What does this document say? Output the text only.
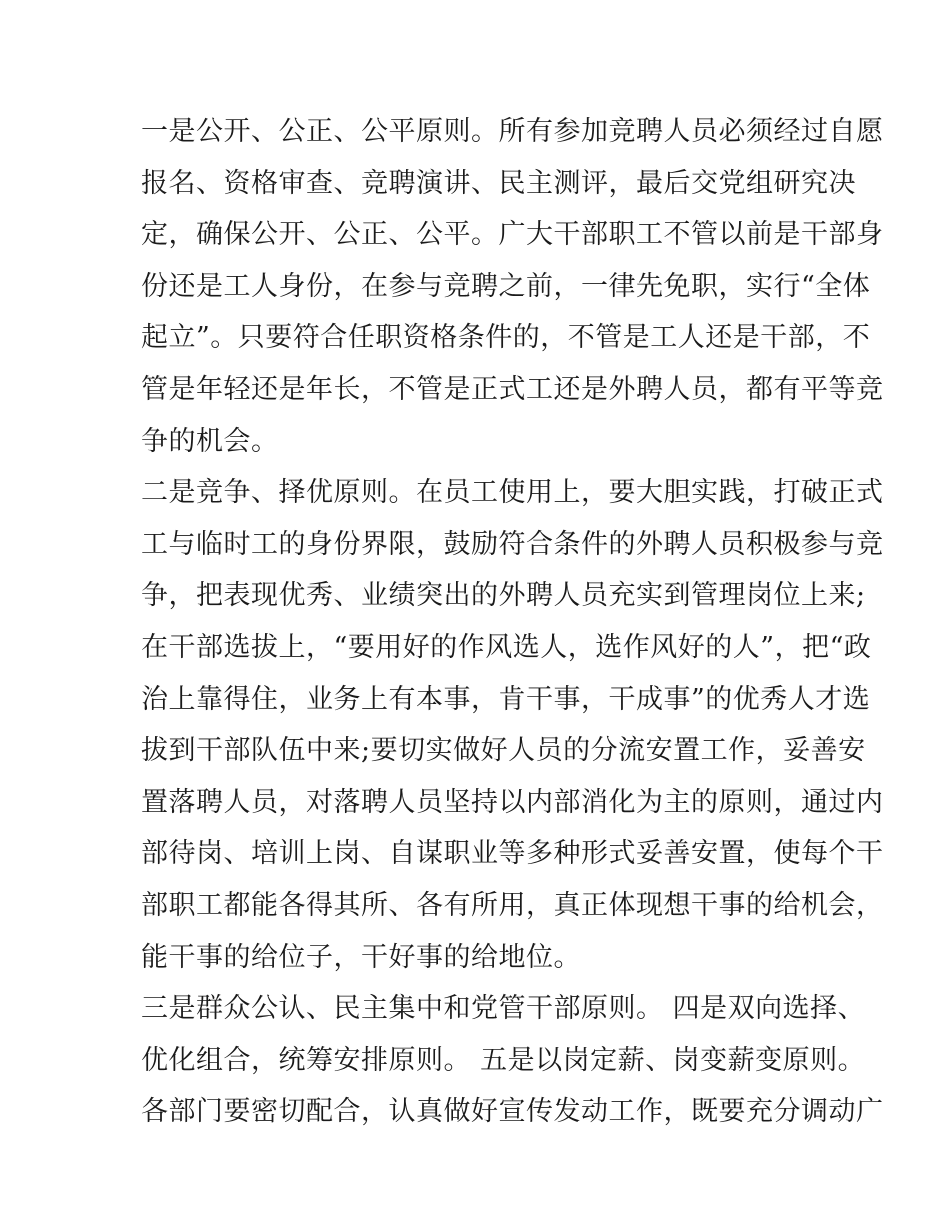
一是公开、公正、公平原则。所有参加竞聘人员必须经过自愿
报名、资格审查、竞聘演讲、民主测评，最后交党组研究决
定，确保公开、公正、公平。广大干部职工不管以前是干部身
份还是工人身份，在参与竞聘之前，一律先免职，实行“全体
起立”。只要符合任职资格条件的，不管是工人还是干部，不
管是年轻还是年长，不管是正式工还是外聘人员，都有平等竞
争的机会。
二是竞争、择优原则。在员工使用上，要大胆实践，打破正式
工与临时工的身份界限，鼓励符合条件的外聘人员积极参与竞
争，把表现优秀、业绩突出的外聘人员充实到管理岗位上来;
在干部选拔上，“要用好的作风选人，选作风好的人”，把“政
治上靠得住，业务上有本事，肯干事，干成事”的优秀人才选
拔到干部队伍中来;要切实做好人员的分流安置工作，妥善安
置落聘人员，对落聘人员坚持以内部消化为主的原则，通过内
部待岗、培训上岗、自谋职业等多种形式妥善安置，使每个干
部职工都能各得其所、各有所用，真正体现想干事的给机会，
能干事的给位子，干好事的给地位。
三是群众公认、民主集中和党管干部原则。 四是双向选择、
优化组合，统筹安排原则。 五是以岗定薪、岗变薪变原则。
各部门要密切配合，认真做好宣传发动工作，既要充分调动广
